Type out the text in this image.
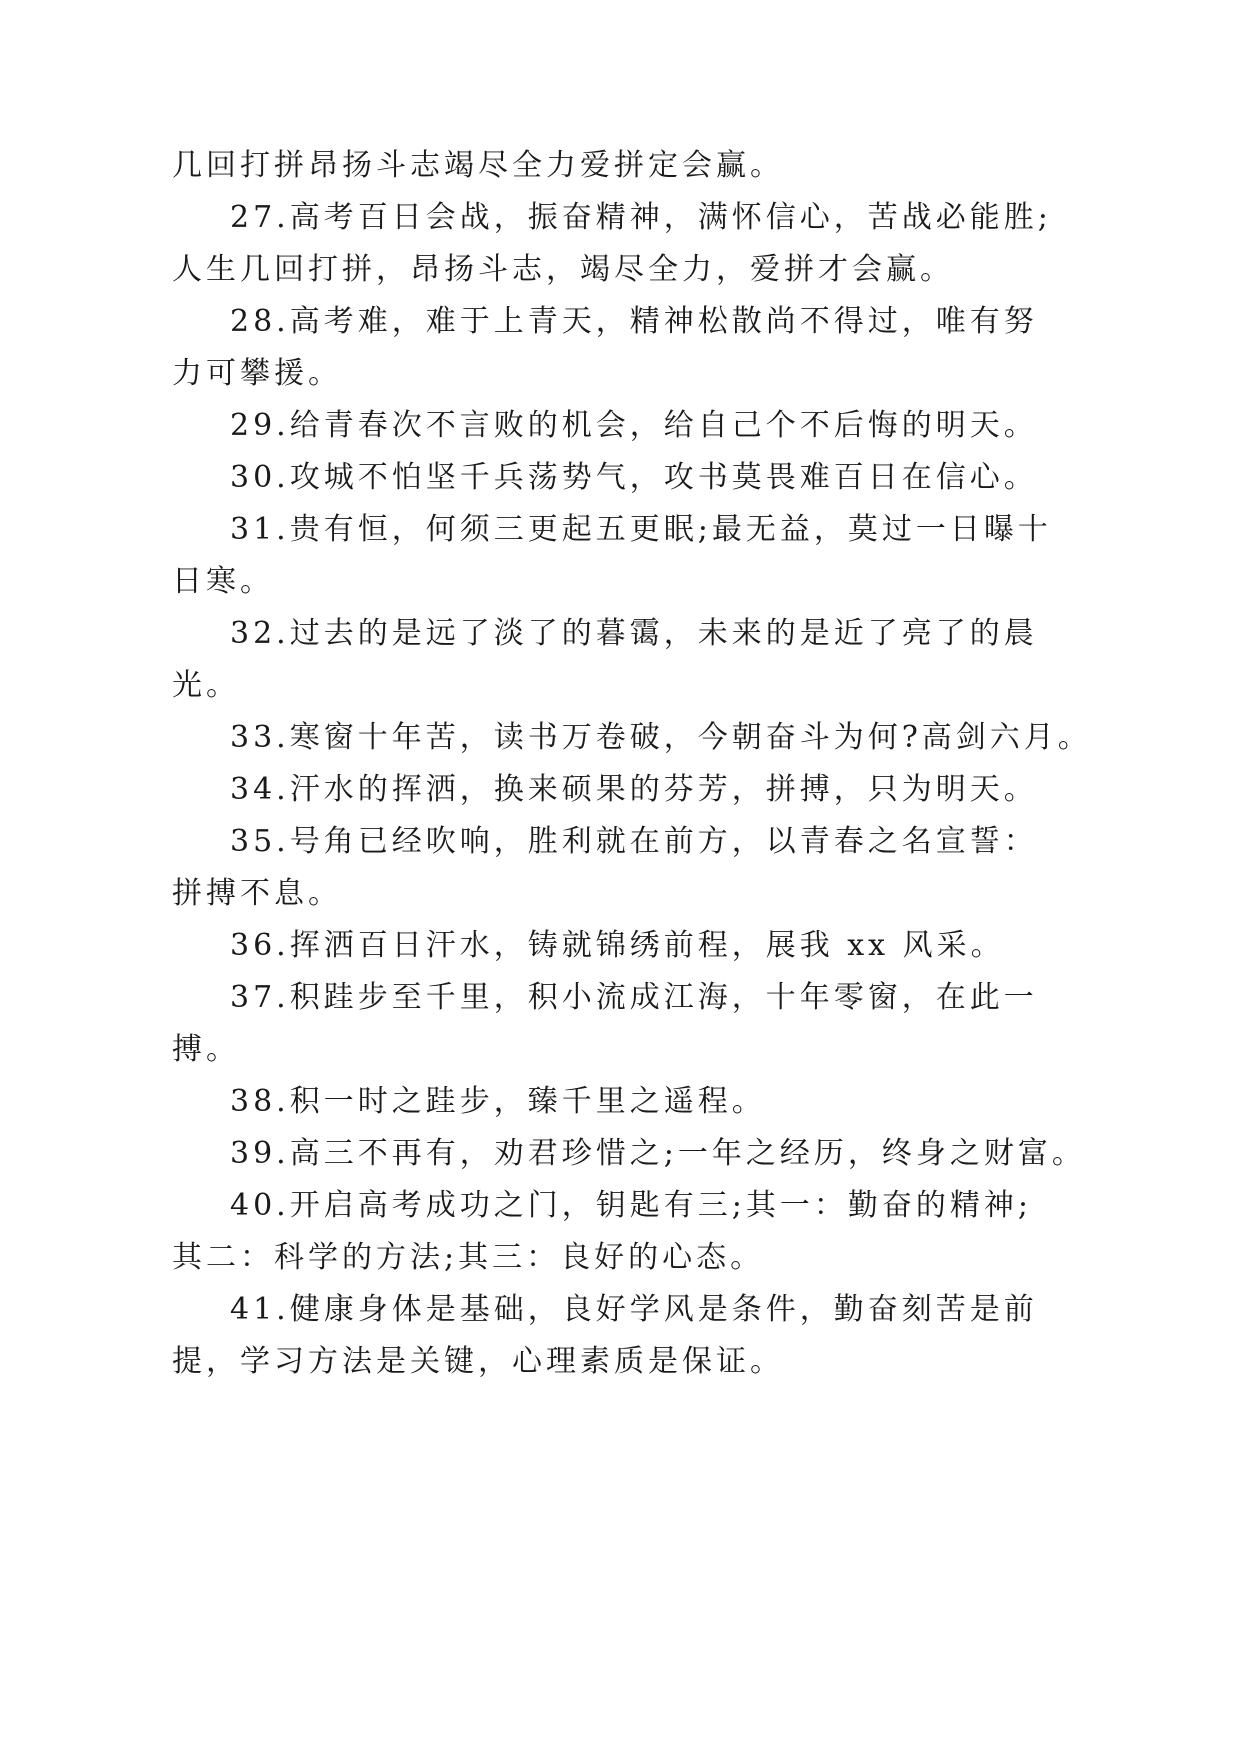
几回打拼昂扬斗志竭尽全力爱拼定会赢。
27.高考百日会战，振奋精神，满怀信心，苦战必能胜;
人生几回打拼，昂扬斗志，竭尽全力，爱拼才会赢。
28.高考难，难于上青天，精神松散尚不得过，唯有努
力可攀援。
29.给青春次不言败的机会，给自己个不后悔的明天。
30.攻城不怕坚千兵荡势气，攻书莫畏难百日在信心。
31.贵有恒，何须三更起五更眠;最无益，莫过一日曝十
日寒。
32.过去的是远了淡了的暮霭，未来的是近了亮了的晨
光。
33.寒窗十年苦，读书万卷破，今朝奋斗为何?高剑六月。
34.汗水的挥洒，换来硕果的芬芳，拼搏，只为明天。
35.号角已经吹响，胜利就在前方，以青春之名宣誓：
拼搏不息。
36.挥洒百日汗水，铸就锦绣前程，展我 xx 风采。
37.积跬步至千里，积小流成江海，十年零窗，在此一
搏。
38.积一时之跬步，臻千里之遥程。
39.高三不再有，劝君珍惜之;一年之经历，终身之财富。
40.开启高考成功之门，钥匙有三;其一：勤奋的精神;
其二：科学的方法;其三：良好的心态。
41.健康身体是基础，良好学风是条件，勤奋刻苦是前
提，学习方法是关键，心理素质是保证。
